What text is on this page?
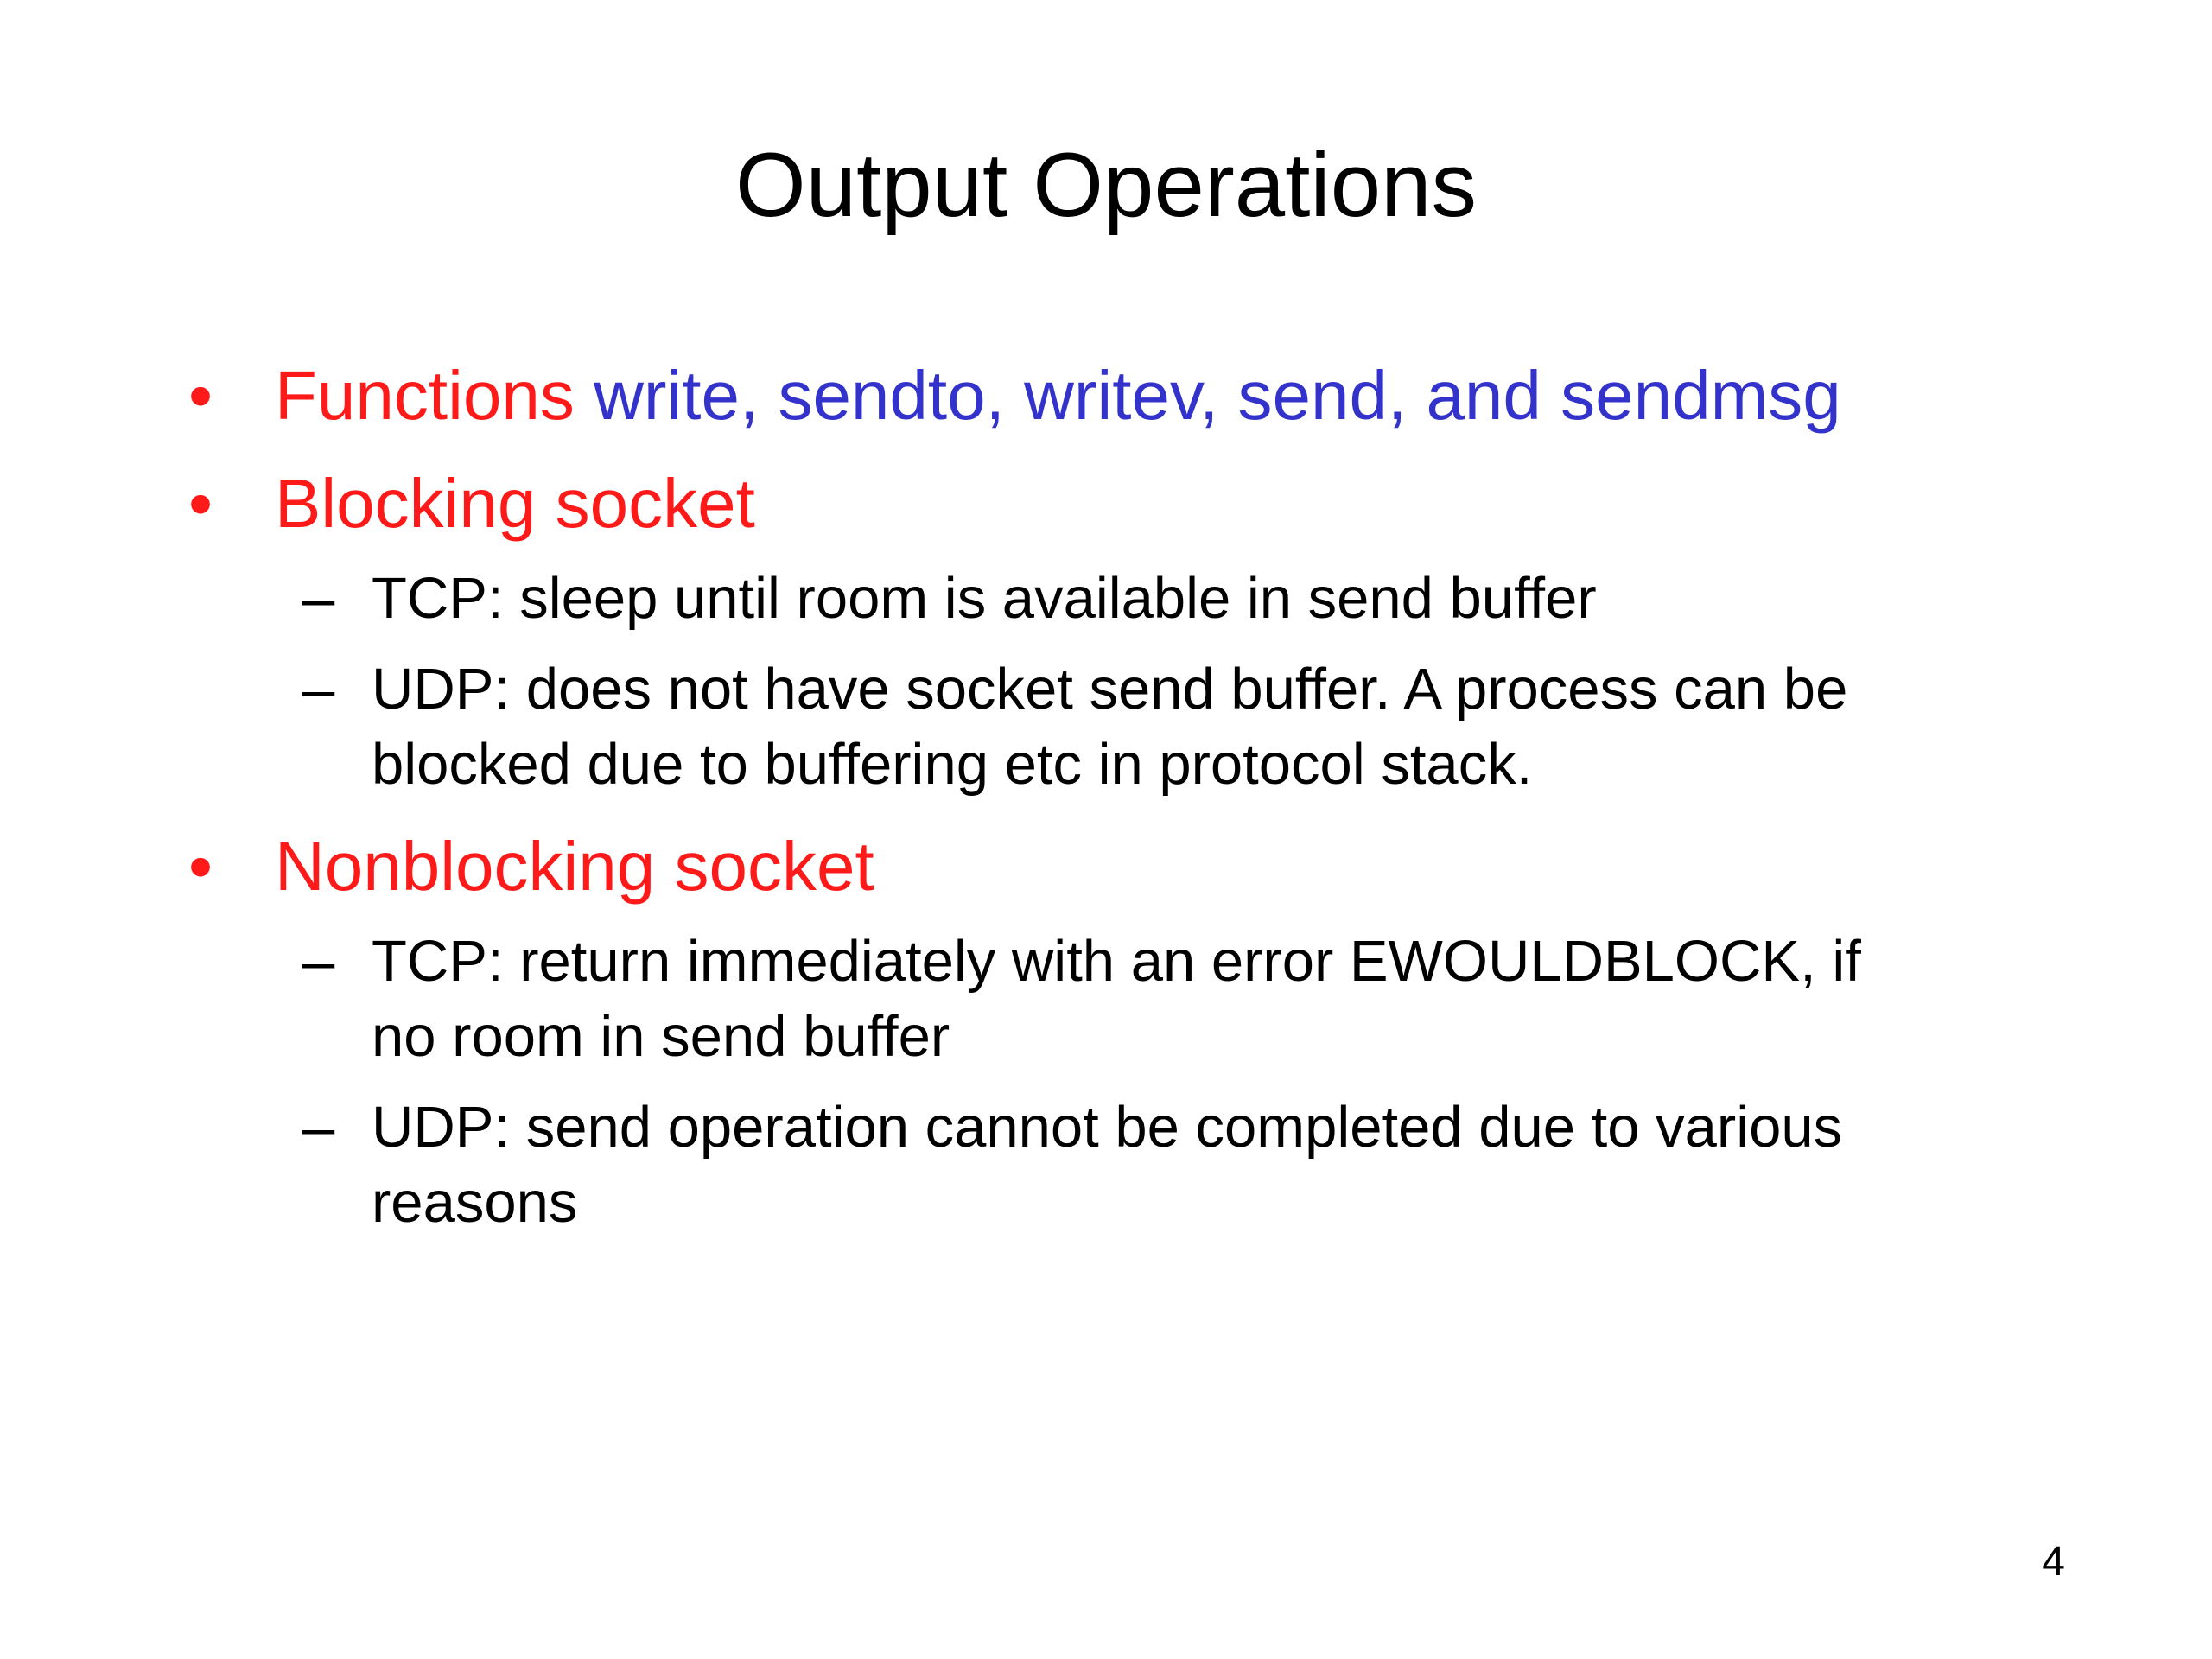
Output Operations
• Functions write, sendto, writev, send, and sendmsg
• Blocking socket
– TCP: sleep until room is available in send buffer
– UDP: does not have socket send buffer. A process can be
blocked due to buffering etc in protocol stack.
• Nonblocking socket
– TCP: return immediately with an error EWOULDBLOCK, if
no room in send buffer
– UDP: send operation cannot be completed due to various
reasons
4
